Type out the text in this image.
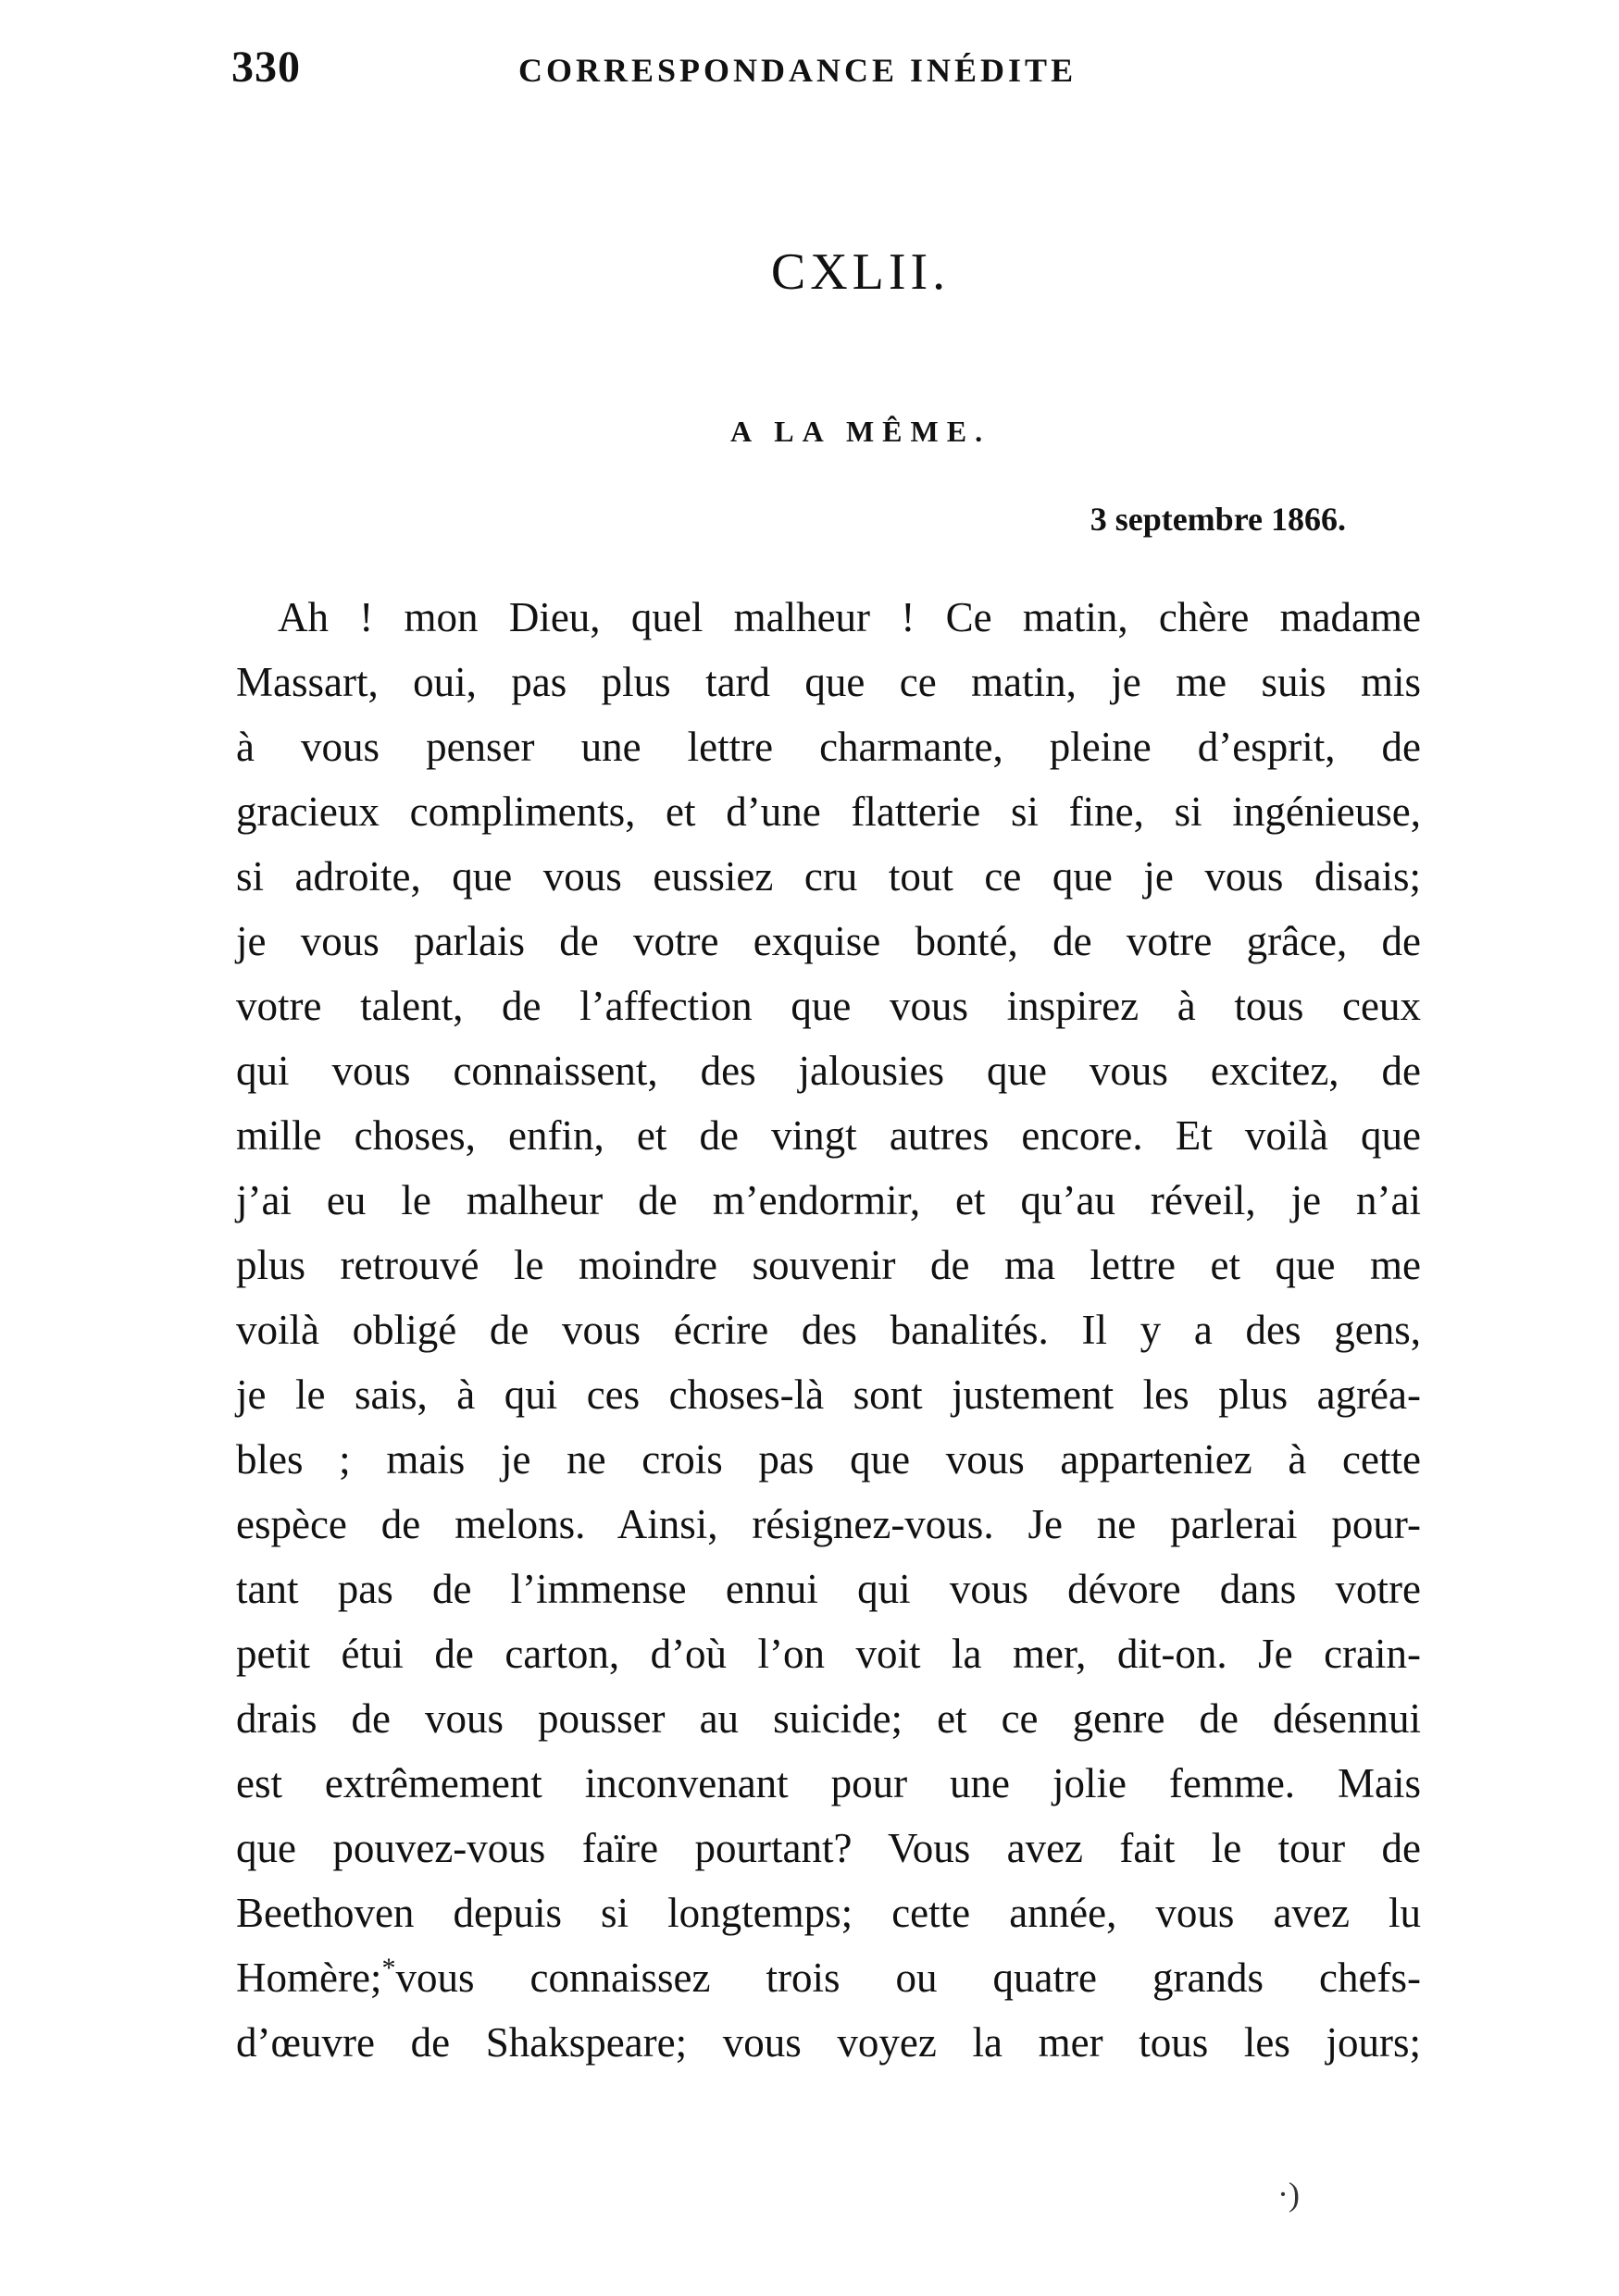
330	CORRESPONDANCE INÉDITE
CXLII.
A LA MÊME.
3 septembre 1866.
Ah ! mon Dieu, quel malheur ! Ce matin, chère madame
Massart, oui, pas plus tard que ce matin, je me suis mis
à vous penser une lettre charmante, pleine d’esprit, de
gracieux compliments, et d’une flatterie si fine, si ingénieuse,
si adroite, que vous eussiez cru tout ce que je vous disais;
je vous parlais de votre exquise bonté, de votre grâce, de
votre talent, de l’affection que vous inspirez à tous ceux
qui vous connaissent, des jalousies que vous excitez, de
mille choses, enfin, et de vingt autres encore. Et voilà que
j’ai eu le malheur de m’endormir, et qu’au réveil, je n’ai
plus retrouvé le moindre souvenir de ma lettre et que me
voilà obligé de vous écrire des banalités. Il y a des gens,
je le sais, à qui ces choses-là sont justement les plus agréa-
bles ; mais je ne crois pas que vous apparteniez à cette
espèce de melons. Ainsi, résignez-vous. Je ne parlerai pour-
tant pas de l’immense ennui qui vous dévore dans votre
petit étui de carton, d’où l’on voit la mer, dit-on. Je crain-
drais de vous pousser au suicide; et ce genre de désennui
est extrêmement inconvenant pour une jolie femme. Mais
que pouvez-vous faïre pourtant? Vous avez fait le tour de
Beethoven depuis si longtemps; cette année, vous avez lu
Homère;*vous connaissez trois ou quatre grands chefs-
d’œuvre de Shakspeare; vous voyez la mer tous les jours;
·)
